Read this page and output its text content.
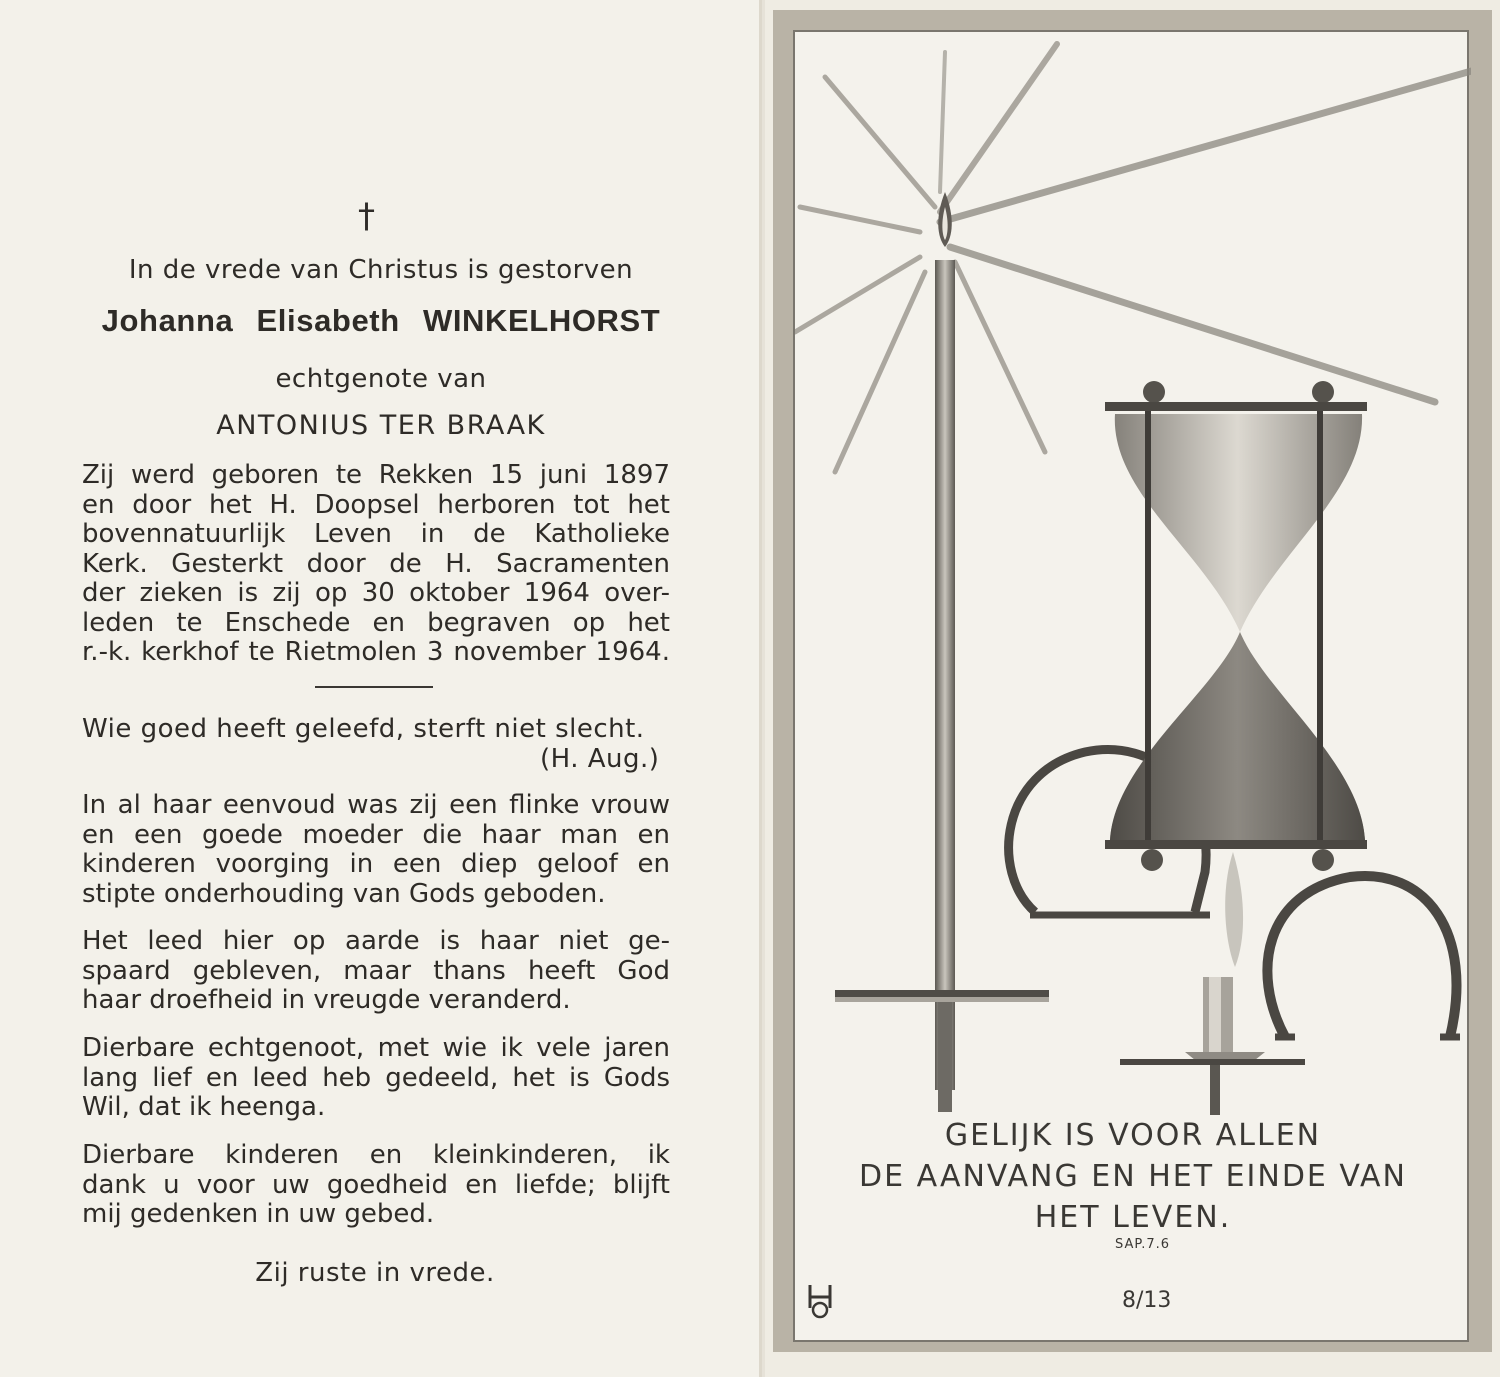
†
In de vrede van Christus is gestorven
Johanna Elisabeth WINKELHORST
echtgenote van
ANTONIUS TER BRAAK
Zij werd geboren te Rekken 15 juni 1897
en door het H. Doopsel herboren tot het
bovennatuurlijk Leven in de Katholieke
Kerk. Gesterkt door de H. Sacramenten
der zieken is zij op 30 oktober 1964 over-
leden te Enschede en begraven op het
r.-k. kerkhof te Rietmolen 3 november 1964.
Wie goed heeft geleefd, sterft niet slecht.
(H. Aug.)
In al haar eenvoud was zij een flinke vrouw
en een goede moeder die haar man en
kinderen voorging in een diep geloof en
stipte onderhouding van Gods geboden.
Het leed hier op aarde is haar niet ge-
spaard gebleven, maar thans heeft God
haar droefheid in vreugde veranderd.
Dierbare echtgenoot, met wie ik vele jaren
lang lief en leed heb gedeeld, het is Gods
Wil, dat ik heenga.
Dierbare kinderen en kleinkinderen, ik
dank u voor uw goedheid en liefde; blijft
mij gedenken in uw gebed.
Zij ruste in vrede.
GELIJK IS VOOR ALLEN
DE AANVANG EN HET EINDE VAN
HET LEVEN.
SAP.7.6
8/13
